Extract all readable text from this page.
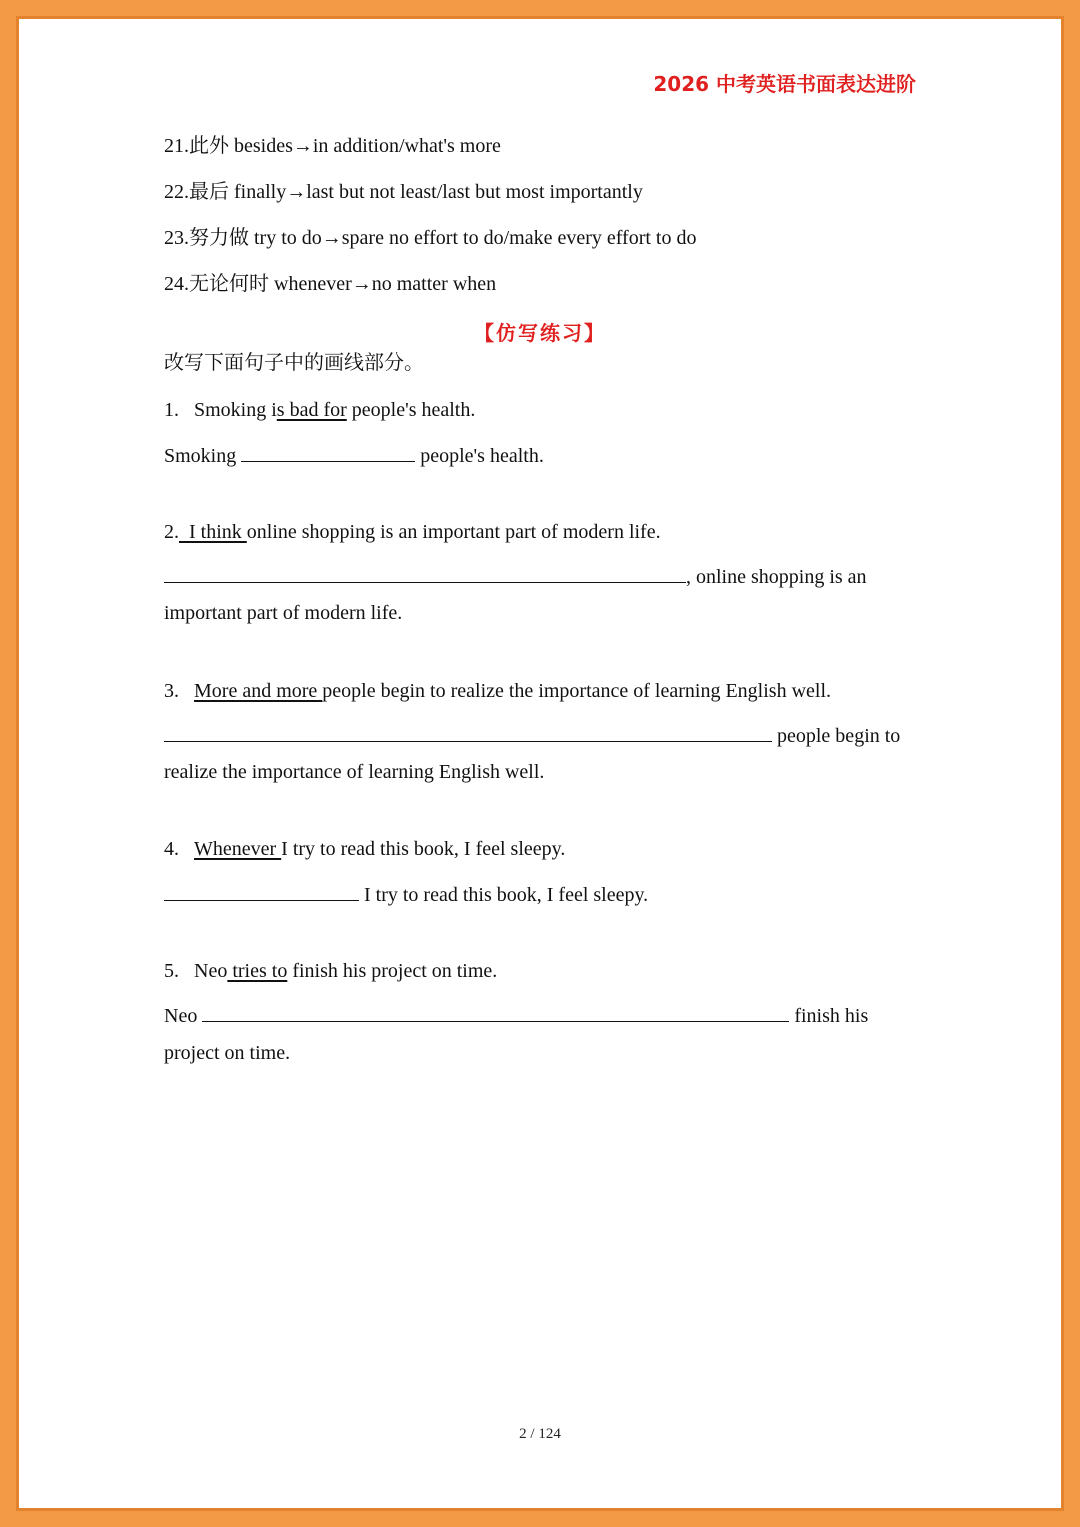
2026 中考英语书面表达进阶
21.此外 besides→in addition/what's more
22.最后 finally→last but not least/last but most importantly
23.努力做 try to do→spare no effort to do/make every effort to do
24.无论何时 whenever→no matter when
【仿写练习】
改写下面句子中的画线部分。
1. Smoking is bad for people's health.
Smoking	people's health.
2.  I think online shopping is an important part of modern life.
, online shopping is an
important part of modern life.
3. More and more people begin to realize the importance of learning English well.
people begin to
realize the importance of learning English well.
4. Whenever I try to read this book, I feel sleepy.
I try to read this book, I feel sleepy.
5. Neo tries to finish his project on time.
Neo	finish his
project on time.
2 / 124
